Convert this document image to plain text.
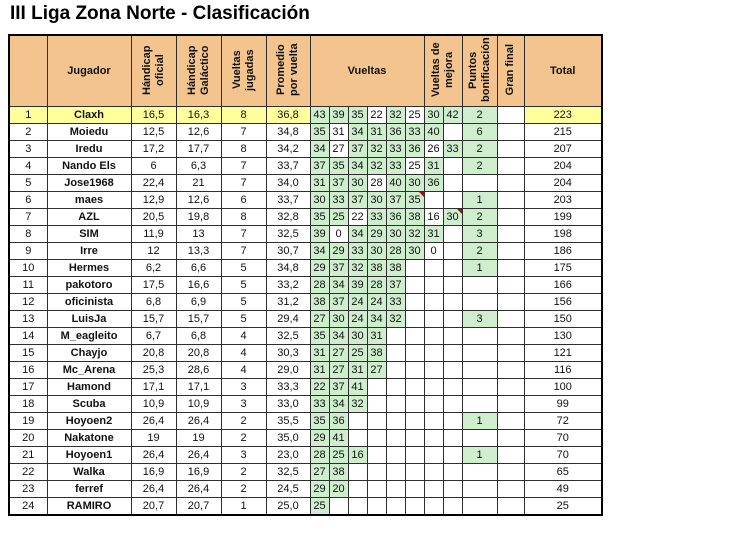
III Liga Zona Norte - Clasificación
	Jugador	Hándicap oficial	Hándicap Galáctico	Vueltas jugadas	Promedio por vuelta	Vueltas						Vueltas de mejora		Puntos bonificación	Gran final	Total
1	Claxh	16,5	16,3	8	36,8	43	39	35	22	32	25	30	42	2		223
2	Moiedu	12,5	12,6	7	34,8	35	31	34	31	36	33	40		6		215
3	Iredu	17,2	17,7	8	34,2	34	27	37	32	33	36	26	33	2		207
4	Nando Els	6	6,3	7	33,7	37	35	34	32	33	25	31		2		204
5	Jose1968	22,4	21	7	34,0	31	37	30	28	40	30	36				204
6	maes	12,9	12,6	6	33,7	30	33	37	30	37	35			1		203
7	AZL	20,5	19,8	8	32,8	35	25	22	33	36	38	16	30	2		199
8	SIM	11,9	13	7	32,5	39	0	34	29	30	32	31		3		198
9	Irre	12	13,3	7	30,7	34	29	33	30	28	30	0		2		186
10	Hermes	6,2	6,6	5	34,8	29	37	32	38	38				1		175
11	pakotoro	17,5	16,6	5	33,2	28	34	39	28	37						166
12	oficinista	6,8	6,9	5	31,2	38	37	24	24	33						156
13	LuisJa	15,7	15,7	5	29,4	27	30	24	34	32				3		150
14	M_eagleito	6,7	6,8	4	32,5	35	34	30	31							130
15	Chayjo	20,8	20,8	4	30,3	31	27	25	38							121
16	Mc_Arena	25,3	28,6	4	29,0	31	27	31	27							116
17	Hamond	17,1	17,1	3	33,3	22	37	41								100
18	Scuba	10,9	10,9	3	33,0	33	34	32								99
19	Hoyoen2	26,4	26,4	2	35,5	35	36							1		72
20	Nakatone	19	19	2	35,0	29	41									70
21	Hoyoen1	26,4	26,4	3	23,0	28	25	16						1		70
22	Walka	16,9	16,9	2	32,5	27	38									65
23	ferref	26,4	26,4	2	24,5	29	20									49
24	RAMIRO	20,7	20,7	1	25,0	25										25
